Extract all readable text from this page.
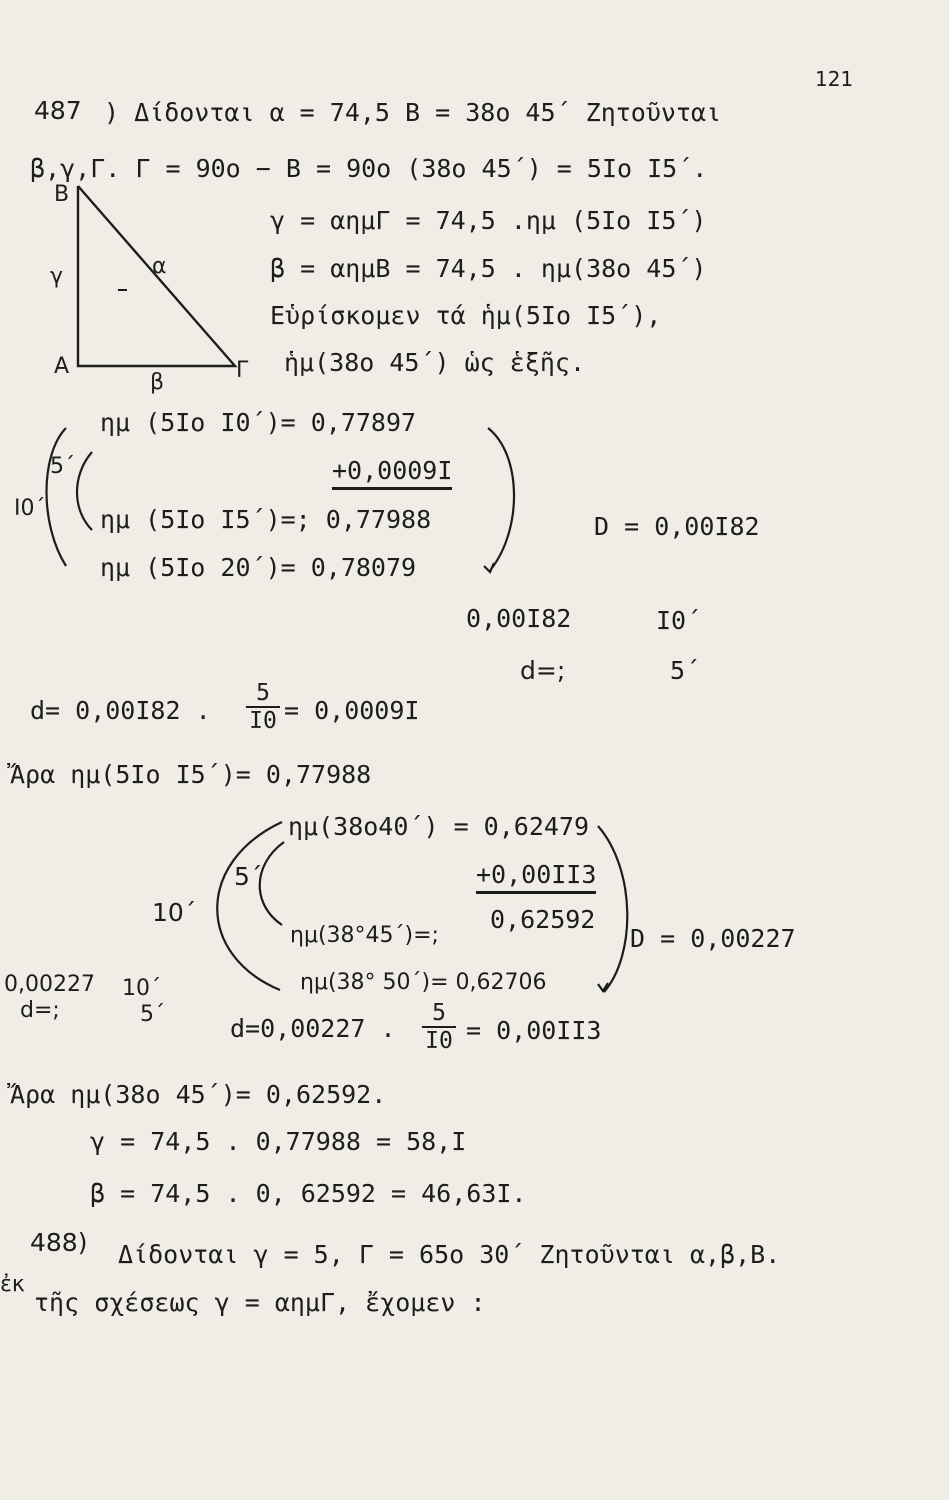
121
487 ) Δίδονται α = 74,5 Β = 38ο 45΄ Ζητοῦνται
β,γ,Γ. Γ = 90ο − Β = 90ο (38ο 45΄) = 5Ιο Ι5΄.
B
A	Γ
α
β
γ
γ = αημΓ = 74,5 .ημ (5Ιο Ι5΄)
β = αημΒ = 74,5 . ημ(38ο 45΄)
Εὑρίσκομεν τά ἡμ(5Ιο Ι5΄),
ἡμ(38ο 45΄) ὡς ἑξῆς.
ημ (5Ιο Ι0΄)= 0,77897
+0,0009Ι
ημ (5Ιο Ι5΄)=; 0,77988
ημ (5Ιο 20΄)= 0,78079
5΄
Ι0΄
D = 0,00Ι82
0,00Ι82	Ι0΄
d=;	5΄
d= 0,00Ι82 . $\frac{5}{I0} = 0,0009I$
Ἄρα ημ(5Ιο Ι5΄)= 0,77988
ημ(38ο40΄) = 0,62479
+0,00ΙΙ3
ημ(38°45΄)=;
0,62592
ημ(38° 50΄)= 0,62706
5΄
10΄
D = 0,00227
0,00227 10΄
d=;	5΄	d=0,00227 . $\frac{5}{I0} = 0,00II3$
Ἄρα ημ(38ο 45΄)= 0,62592.
γ = 74,5 . 0,77988 = 58,Ι
β = 74,5 . 0, 62592 = 46,63Ι.
488) Δίδονται γ = 5, Γ = 65ο 30΄ Ζητοῦνται α,β,Β.
ἐκ
τῆς σχέσεως γ = αημΓ, ἔχομεν :
